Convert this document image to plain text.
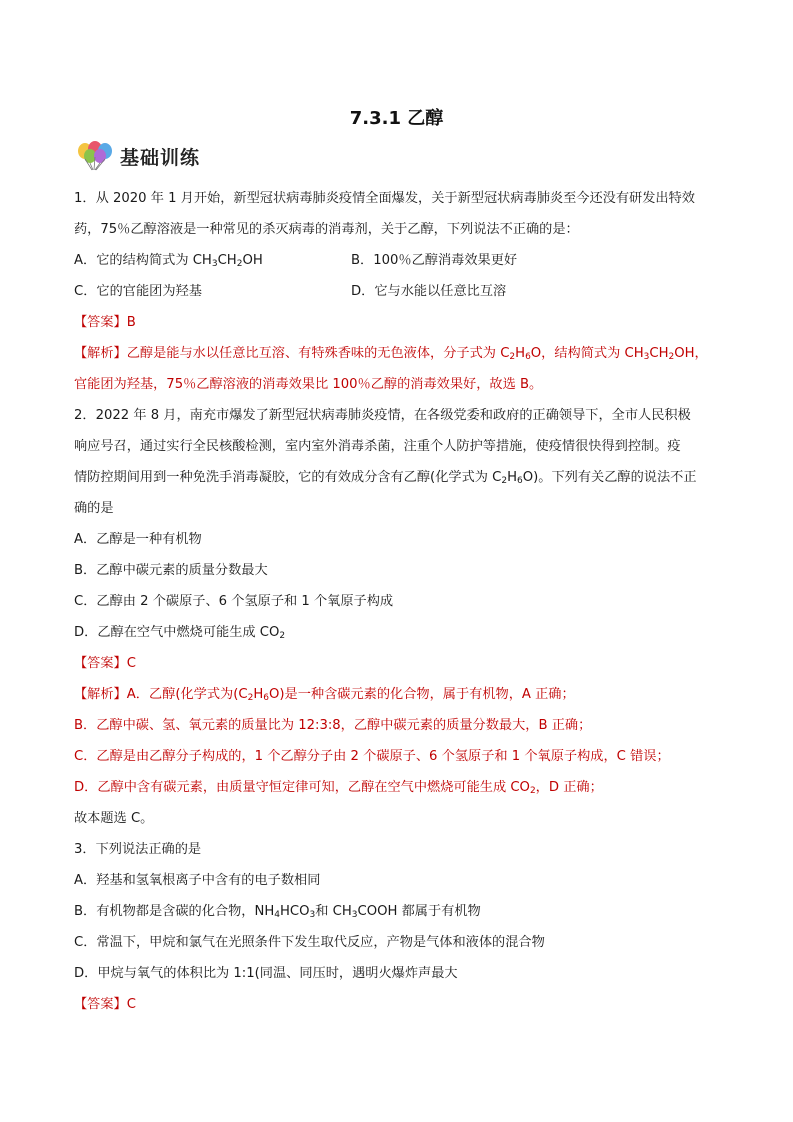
7.3.1 乙醇
基础训练
1．从 2020 年 1 月开始，新型冠状病毒肺炎疫情全面爆发，关于新型冠状病毒肺炎至今还没有研发出特效
药，75％乙醇溶液是一种常见的杀灭病毒的消毒剂，关于乙醇，下列说法不正确的是：
A．它的结构简式为 $CH_3CH_2OH$	B．100％乙醇消毒效果更好
C．它的官能团为羟基	D．它与水能以任意比互溶
【答案】B
【解析】乙醇是能与水以任意比互溶、有特殊香味的无色液体，分子式为 $C_2H_6O$，结构简式为 $CH_3CH_2OH$，
官能团为羟基，75％乙醇溶液的消毒效果比 100％乙醇的消毒效果好，故选 B。
2．2022 年 8 月，南充市爆发了新型冠状病毒肺炎疫情，在各级党委和政府的正确领导下，全市人民积极
响应号召，通过实行全民核酸检测，室内室外消毒杀菌，注重个人防护等措施，使疫情很快得到控制。疫
情防控期间用到一种免洗手消毒凝胶，它的有效成分含有乙醇(化学式为 $C_2H_6O$)。下列有关乙醇的说法不正
确的是
A．乙醇是一种有机物
B．乙醇中碳元素的质量分数最大
C．乙醇由 2 个碳原子、6 个氢原子和 1 个氧原子构成
D．乙醇在空气中燃烧可能生成 $CO_2$
【答案】C
【解析】A．乙醇(化学式为$(C_2H_6O)$是一种含碳元素的化合物，属于有机物，A 正确；
B．乙醇中碳、氢、氧元素的质量比为 12:3:8，乙醇中碳元素的质量分数最大，B 正确；
C．乙醇是由乙醇分子构成的，1 个乙醇分子由 2 个碳原子、6 个氢原子和 1 个氧原子构成，C 错误；
D．乙醇中含有碳元素，由质量守恒定律可知，乙醇在空气中燃烧可能生成 $CO_2$，D 正确；
故本题选 C。
3．下列说法正确的是
A．羟基和氢氧根离子中含有的电子数相同
B．有机物都是含碳的化合物，$NH_4HCO_3$和 $CH_3COOH$ 都属于有机物
C．常温下，甲烷和氯气在光照条件下发生取代反应，产物是气体和液体的混合物
D．甲烷与氧气的体积比为 1:1(同温、同压时，遇明火爆炸声最大
【答案】C
